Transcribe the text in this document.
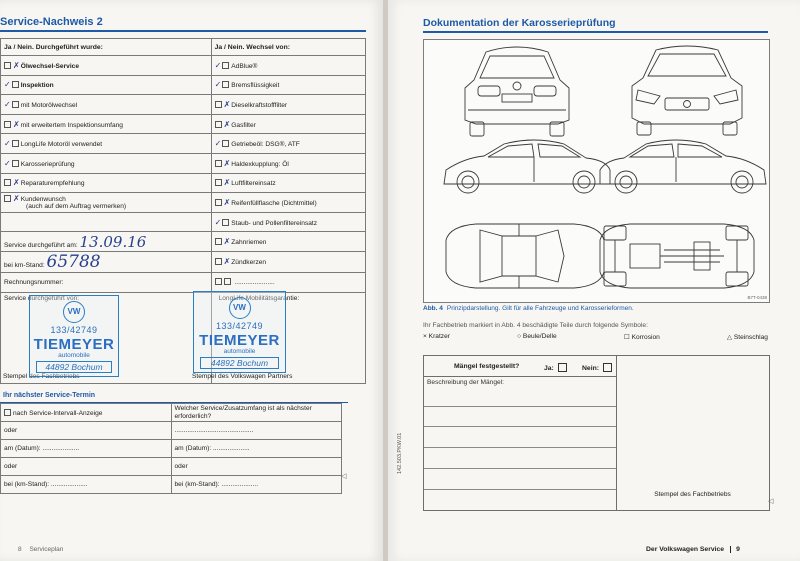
Service-Nachweis 2
Ja / Nein. Durchgeführt wurde:	Ja / Nein. Wechsel von:
✗Ölwechsel-Service	✓ AdBlue®
✓ Inspektion	✓ Bremsflüssigkeit
✓ mit Motorölwechsel	✗Dieselkraftstofffilter
✗mit erweitertem Inspektionsumfang	✗Gasfilter
✓ LongLife Motoröl verwendet	✓ Getriebeöl: DSG®, ATF
✓ Karosserieprüfung	✗Haldexkupplung: Öl
✗Reparaturempfehlung	✗Luftfiltereinsatz
✗Kundenwunsch
(auch auf dem Auftrag vermerken)	✗Reifenfüllflasche (Dichtmittel)
	✓ Staub- und Pollenfiltereinsatz
Service durchgeführt am: 13.09.16	✗Zahnriemen
bei km-Stand: 65788	✗Zündkerzen
Rechnungsnummer:	......................
Service durchgeführt von:	LongLife Mobilitätsgarantie:
Stempel des Fachbetriebs	Stempel des Volkswagen Partners
VW
133/42749
TIEMEYER
automobile
44892 Bochum
VW
133/42749
TIEMEYER
automobile
44892 Bochum
Ihr nächster Service-Termin
nach Service-Intervall-Anzeige	Welcher Service/Zusatzumfang ist als nächster erforderlich?
oder	...........................................
am (Datum): ....................	am (Datum): ....................
oder	oder
bei (km-Stand): ....................	bei (km-Stand): ....................
◁
8 Serviceplan
Dokumentation der Karosserieprüfung
B7T-0438
Abb. 4 Prinzipdarstellung. Gilt für alle Fahrzeuge und Karosserieformen.
Ihr Fachbetrieb markiert in Abb. 4 beschädigte Teile durch folgende Symbole:
× Kratzer	○ Beule/Delle	☐ Korrosion	△ Steinschlag
Mängel festgestellt?	Ja:	Nein:
Beschreibung der Mängel:
Stempel des Fachbetriebs
◁
142.503.PKW.01
Der Volkswagen Service 9
